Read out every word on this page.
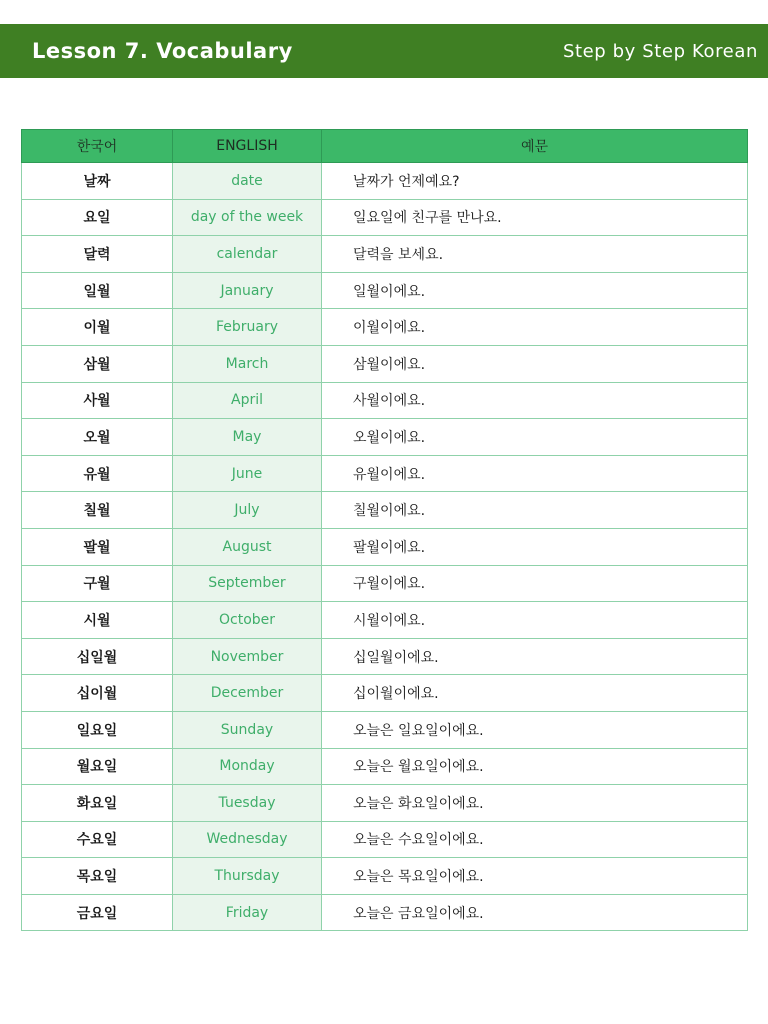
Lesson 7. Vocabulary	Step by Step Korean
한국어	ENGLISH	예문
날짜	date	날짜가 언제예요?
요일	day of the week	일요일에 친구를 만나요.
달력	calendar	달력을 보세요.
일월	January	일월이에요.
이월	February	이월이에요.
삼월	March	삼월이에요.
사월	April	사월이에요.
오월	May	오월이에요.
유월	June	유월이에요.
칠월	July	칠월이에요.
팔월	August	팔월이에요.
구월	September	구월이에요.
시월	October	시월이에요.
십일월	November	십일월이에요.
십이월	December	십이월이에요.
일요일	Sunday	오늘은 일요일이에요.
월요일	Monday	오늘은 월요일이에요.
화요일	Tuesday	오늘은 화요일이에요.
수요일	Wednesday	오늘은 수요일이에요.
목요일	Thursday	오늘은 목요일이에요.
금요일	Friday	오늘은 금요일이에요.
